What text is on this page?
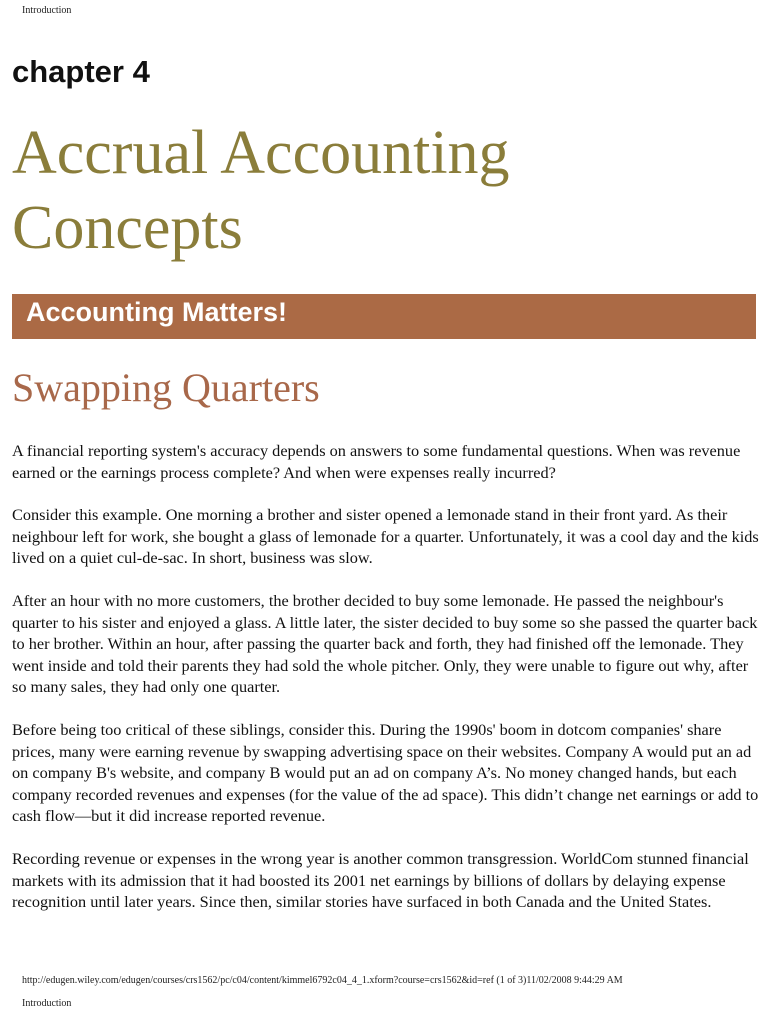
Introduction
chapter 4
Accrual Accounting
Concepts
Accounting Matters!
Swapping Quarters

A financial reporting system's accuracy depends on answers to some fundamental questions. When was revenue earned or the earnings process complete? And when were expenses really incurred?

Consider this example. One morning a brother and sister opened a lemonade stand in their front yard. As their neighbour left for work, she bought a glass of lemonade for a quarter. Unfortunately, it was a cool day and the kids lived on a quiet cul-de-sac. In short, business was slow.

After an hour with no more customers, the brother decided to buy some lemonade. He passed the neighbour's quarter to his sister and enjoyed a glass. A little later, the sister decided to buy some so she passed the quarter back to her brother. Within an hour, after passing the quarter back and forth, they had finished off the lemonade. They went inside and told their parents they had sold the whole pitcher. Only, they were unable to figure out why, after so many sales, they had only one quarter.

Before being too critical of these siblings, consider this. During the 1990s' boom in dotcom companies' share prices, many were earning revenue by swapping advertising space on their websites. Company A would put an ad on company B's website, and company B would put an ad on company A’s. No money changed hands, but each company recorded revenues and expenses (for the value of the ad space). This didn’t change net earnings or add to cash flow—but it did increase reported revenue.

Recording revenue or expenses in the wrong year is another common transgression. WorldCom stunned financial markets with its admission that it had boosted its 2001 net earnings by billions of dollars by delaying expense recognition until later years. Since then, similar stories have surfaced in both Canada and the United States.

http://edugen.wiley.com/edugen/courses/crs1562/pc/c04/content/kimmel6792c04_4_1.xform?course=crs1562&id=ref (1 of 3)11/02/2008 9:44:29 AM
Introduction
